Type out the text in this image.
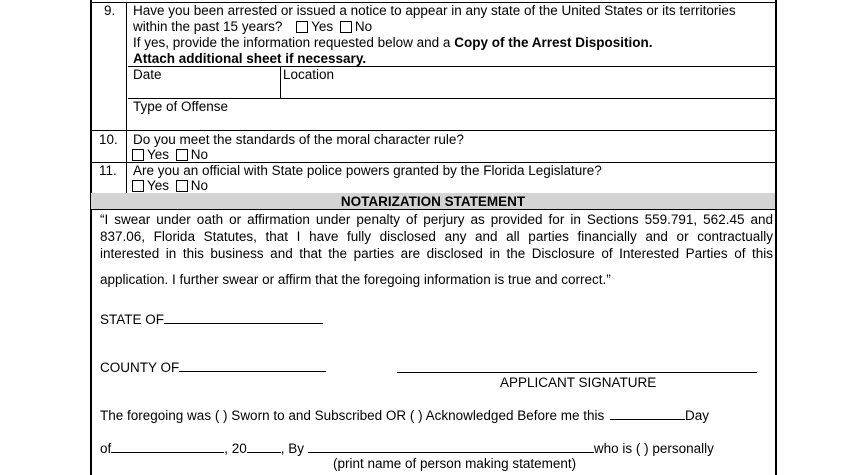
9. Have you been arrested or issued a notice to appear in any state of the United States or its territories
within the past 15 years? Yes No
If yes, provide the information requested below and a Copy of the Arrest Disposition.
Attach additional sheet if necessary.
Date	Location
Type of Offense
10. Do you meet the standards of the moral character rule?
Yes No
11. Are you an official with State police powers granted by the Florida Legislature?
Yes No
NOTARIZATION STATEMENT
“I swear under oath or affirmation under penalty of perjury as provided for in Sections 559.791, 562.45 and
837.06, Florida Statutes, that I have fully disclosed any and all parties financially and or contractually
interested in this business and that the parties are disclosed in the Disclosure of Interested Parties of this
application. I further swear or affirm that the foregoing information is true and correct.”
STATE OF
COUNTY OF
APPLICANT SIGNATURE
The foregoing was ( ) Sworn to and Subscribed OR ( ) Acknowledged Before me this	Day
of	, 20	, By	who is ( ) personally
(print name of person making statement)
